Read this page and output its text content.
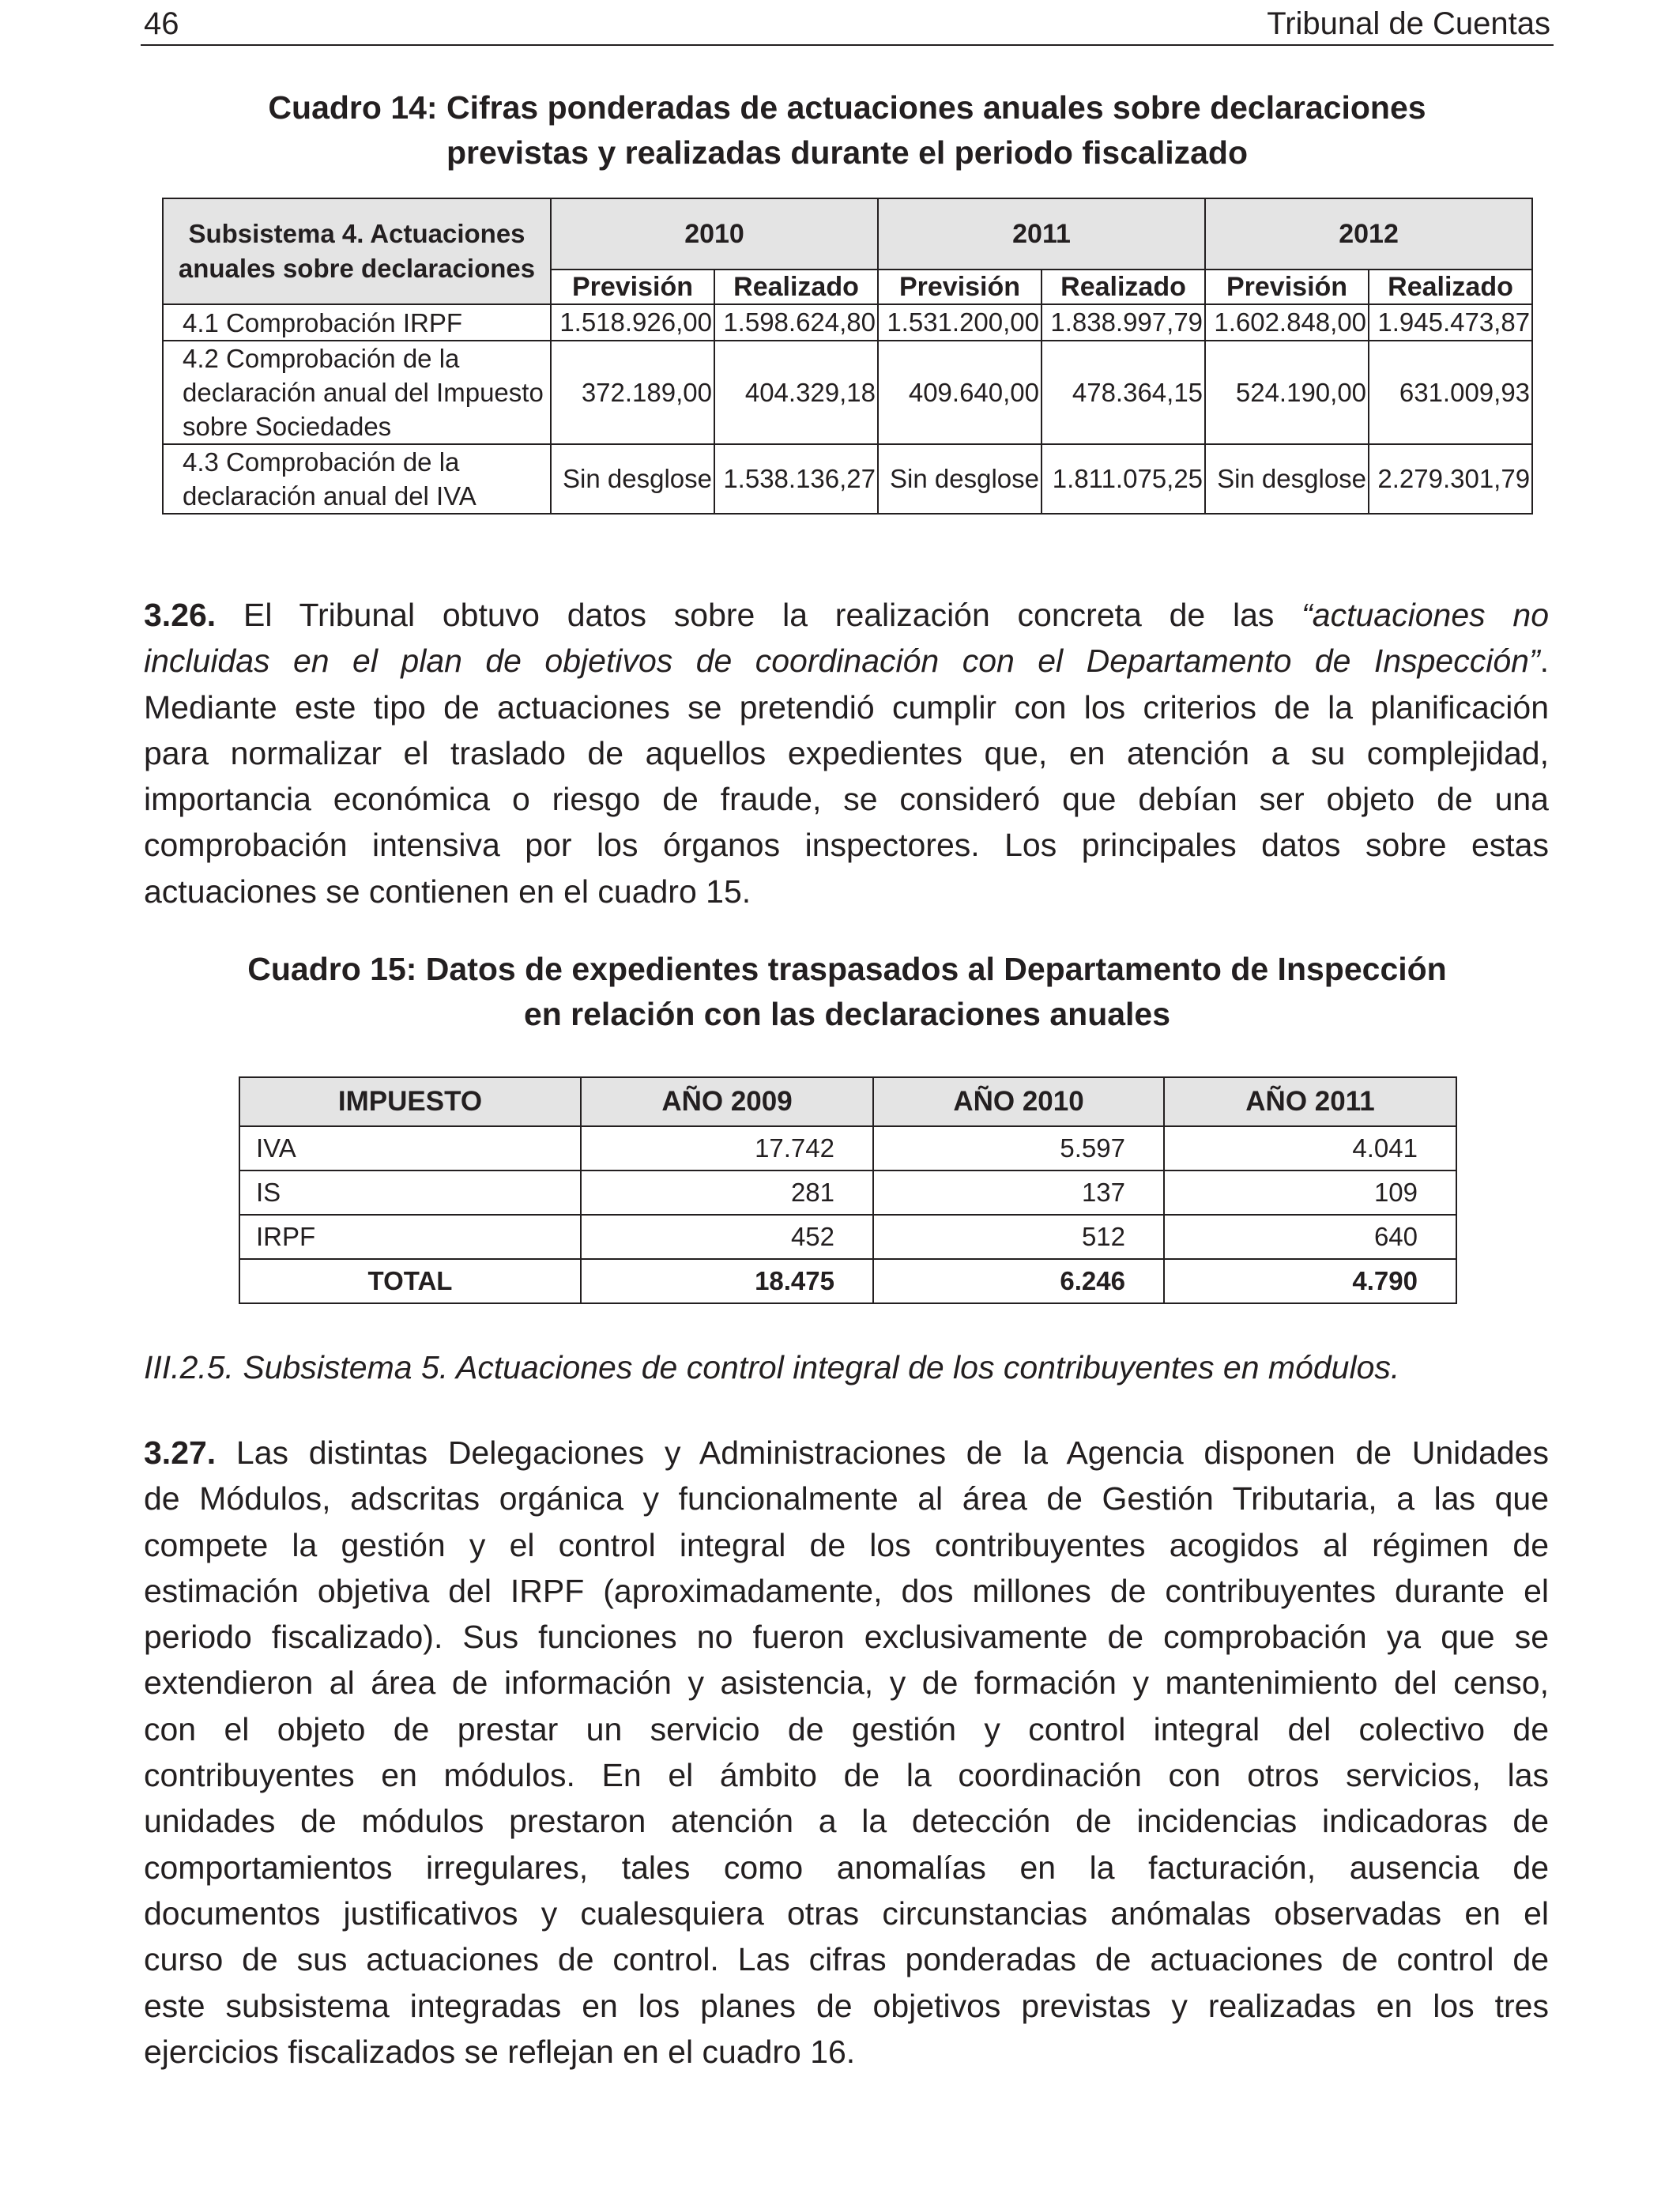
46	Tribunal de Cuentas
Cuadro 14: Cifras ponderadas de actuaciones anuales sobre declaraciones
previstas y realizadas durante el periodo fiscalizado
Subsistema 4. Actuaciones
anuales sobre declaraciones	2010		2011		2012	
	Previsión	Realizado	Previsión	Realizado	Previsión	Realizado

4.1 Comprobación IRPF	1.518.926,00	1.598.624,80	1.531.200,00	1.838.997,79	1.602.848,00	1.945.473,87

4.2 Comprobación de la
declaración anual del Impuesto
sobre Sociedades	372.189,00	404.329,18	409.640,00	478.364,15	524.190,00	631.009,93

4.3 Comprobación de la
declaración anual del IVA	Sin desglose	1.538.136,27	Sin desglose	1.811.075,25	Sin desglose	2.279.301,79
3.26. El Tribunal obtuvo datos sobre la realización concreta de las “actuaciones no
incluidas en el plan de objetivos de coordinación con el Departamento de Inspección”.
Mediante este tipo de actuaciones se pretendió cumplir con los criterios de la planificación
para normalizar el traslado de aquellos expedientes que, en atención a su complejidad,
importancia económica o riesgo de fraude, se consideró que debían ser objeto de una
comprobación intensiva por los órganos inspectores. Los principales datos sobre estas
actuaciones se contienen en el cuadro 15.
Cuadro 15: Datos de expedientes traspasados al Departamento de Inspección
en relación con las declaraciones anuales
IMPUESTO	AÑO 2009	AÑO 2010	AÑO 2011
IVA	17.742	5.597	4.041
IS	281	137	109
IRPF	452	512	640
TOTAL	18.475	6.246	4.790
III.2.5. Subsistema 5. Actuaciones de control integral de los contribuyentes en módulos.
3.27. Las distintas Delegaciones y Administraciones de la Agencia disponen de Unidades
de Módulos, adscritas orgánica y funcionalmente al área de Gestión Tributaria, a las que
compete la gestión y el control integral de los contribuyentes acogidos al régimen de
estimación objetiva del IRPF (aproximadamente, dos millones de contribuyentes durante el
periodo fiscalizado). Sus funciones no fueron exclusivamente de comprobación ya que se
extendieron al área de información y asistencia, y de formación y mantenimiento del censo,
con el objeto de prestar un servicio de gestión y control integral del colectivo de
contribuyentes en módulos. En el ámbito de la coordinación con otros servicios, las
unidades de módulos prestaron atención a la detección de incidencias indicadoras de
comportamientos irregulares, tales como anomalías en la facturación, ausencia de
documentos justificativos y cualesquiera otras circunstancias anómalas observadas en el
curso de sus actuaciones de control. Las cifras ponderadas de actuaciones de control de
este subsistema integradas en los planes de objetivos previstas y realizadas en los tres
ejercicios fiscalizados se reflejan en el cuadro 16.
